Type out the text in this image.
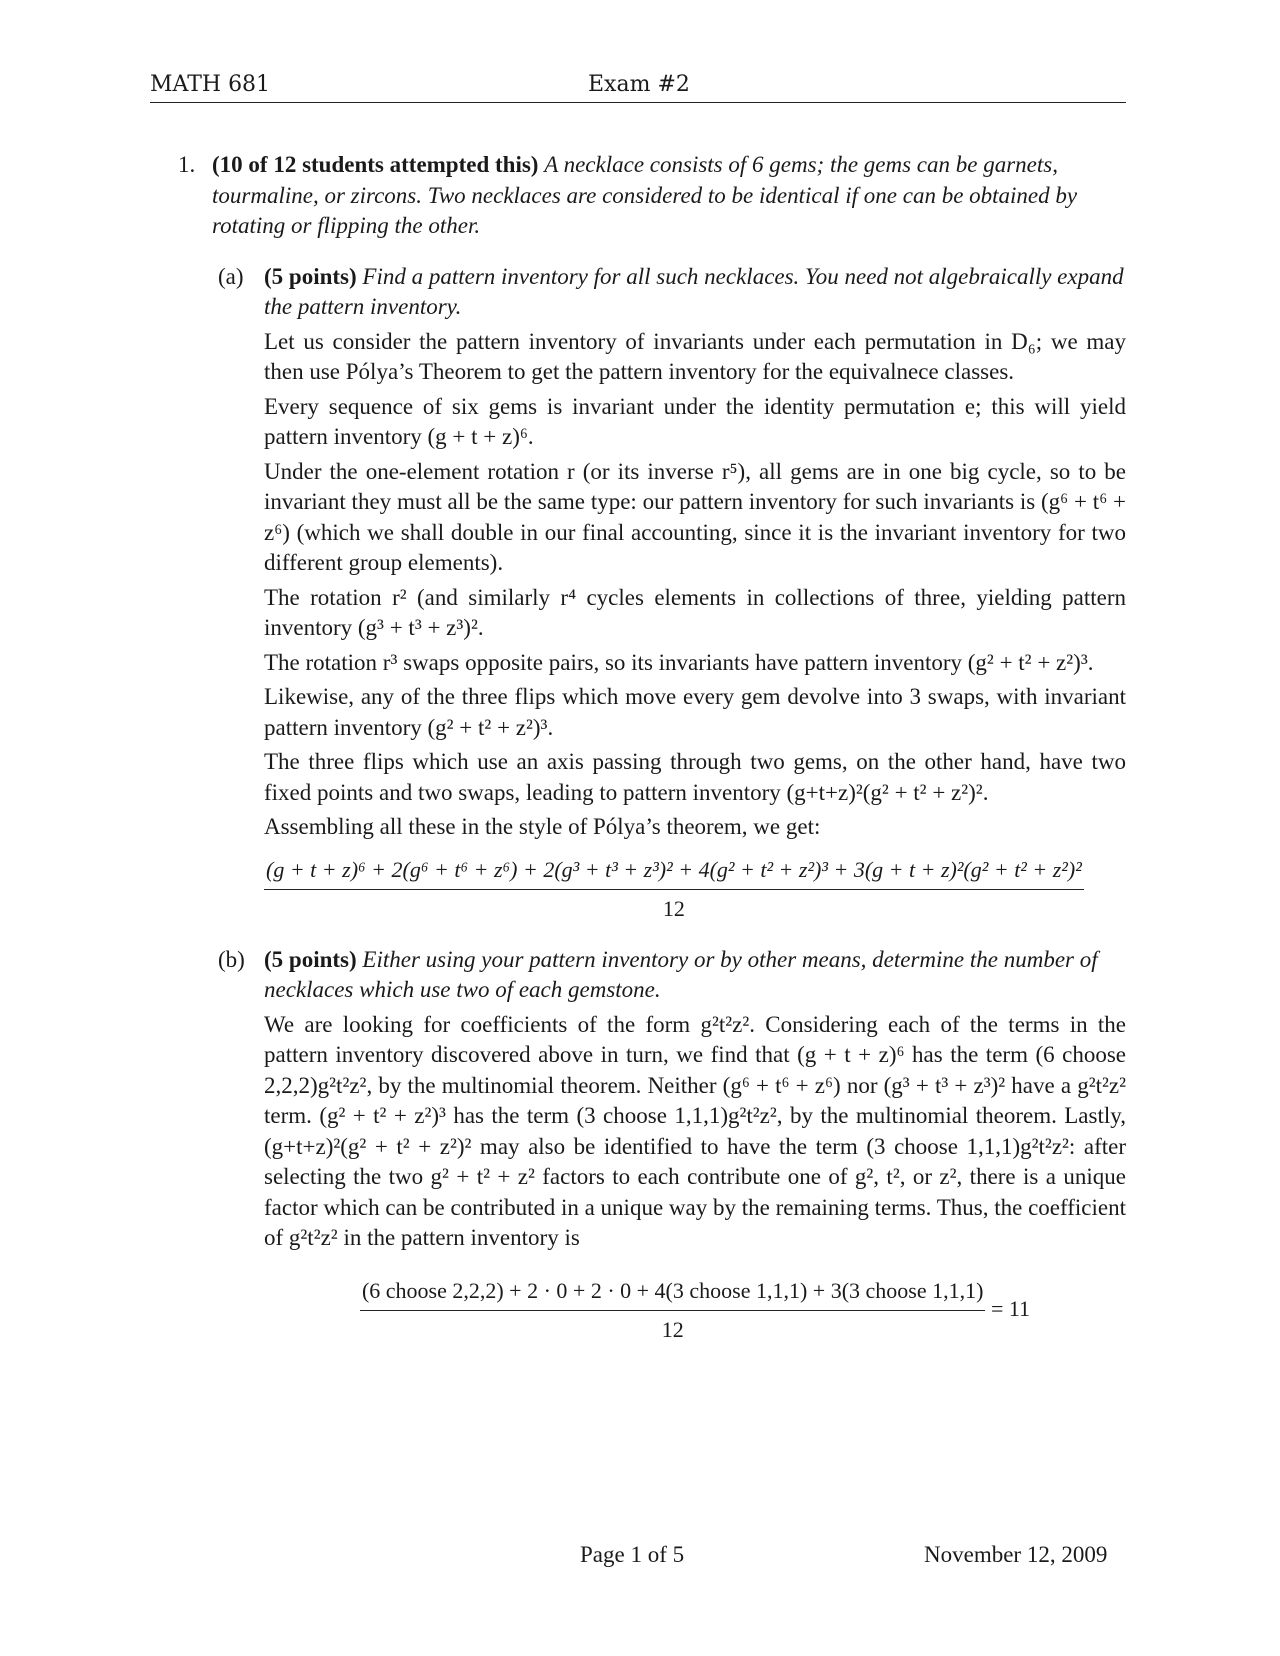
MATH 681	Exam #2
1. (10 of 12 students attempted this) A necklace consists of 6 gems; the gems can be garnets, tourmaline, or zircons. Two necklaces are considered to be identical if one can be obtained by rotating or flipping the other.
(a) (5 points) Find a pattern inventory for all such necklaces. You need not algebraically expand the pattern inventory.
Let us consider the pattern inventory of invariants under each permutation in D₆; we may then use Pólya’s Theorem to get the pattern inventory for the equivalnece classes.
Every sequence of six gems is invariant under the identity permutation e; this will yield pattern inventory (g + t + z)⁶.
Under the one-element rotation r (or its inverse r⁵), all gems are in one big cycle, so to be invariant they must all be the same type: our pattern inventory for such invariants is (g⁶ + t⁶ + z⁶) (which we shall double in our final accounting, since it is the invariant inventory for two different group elements).
The rotation r² (and similarly r⁴ cycles elements in collections of three, yielding pattern inventory (g³ + t³ + z³)².
The rotation r³ swaps opposite pairs, so its invariants have pattern inventory (g² + t² + z²)³.
Likewise, any of the three flips which move every gem devolve into 3 swaps, with invariant pattern inventory (g² + t² + z²)³.
The three flips which use an axis passing through two gems, on the other hand, have two fixed points and two swaps, leading to pattern inventory (g+t+z)²(g² + t² + z²)².
Assembling all these in the style of Pólya’s theorem, we get:
(g + t + z)⁶ + 2(g⁶ + t⁶ + z⁶) + 2(g³ + t³ + z³)² + 4(g² + t² + z²)³ + 3(g + t + z)²(g² + t² + z²)²
12
(b) (5 points) Either using your pattern inventory or by other means, determine the number of necklaces which use two of each gemstone.
We are looking for coefficients of the form g²t²z². Considering each of the terms in the pattern inventory discovered above in turn, we find that (g + t + z)⁶ has the term (6 choose 2,2,2)g²t²z², by the multinomial theorem. Neither (g⁶ + t⁶ + z⁶) nor (g³ + t³ + z³)² have a g²t²z² term. (g² + t² + z²)³ has the term (3 choose 1,1,1)g²t²z², by the multinomial theorem. Lastly, (g+t+z)²(g² + t² + z²)² may also be identified to have the term (3 choose 1,1,1)g²t²z²: after selecting the two g² + t² + z² factors to each contribute one of g², t², or z², there is a unique factor which can be contributed in a unique way by the remaining terms. Thus, the coefficient of g²t²z² in the pattern inventory is
(6 choose 2,2,2) + 2 · 0 + 2 · 0 + 4(3 choose 1,1,1) + 3(3 choose 1,1,1)
12
= 11
Page 1 of 5	November 12, 2009
